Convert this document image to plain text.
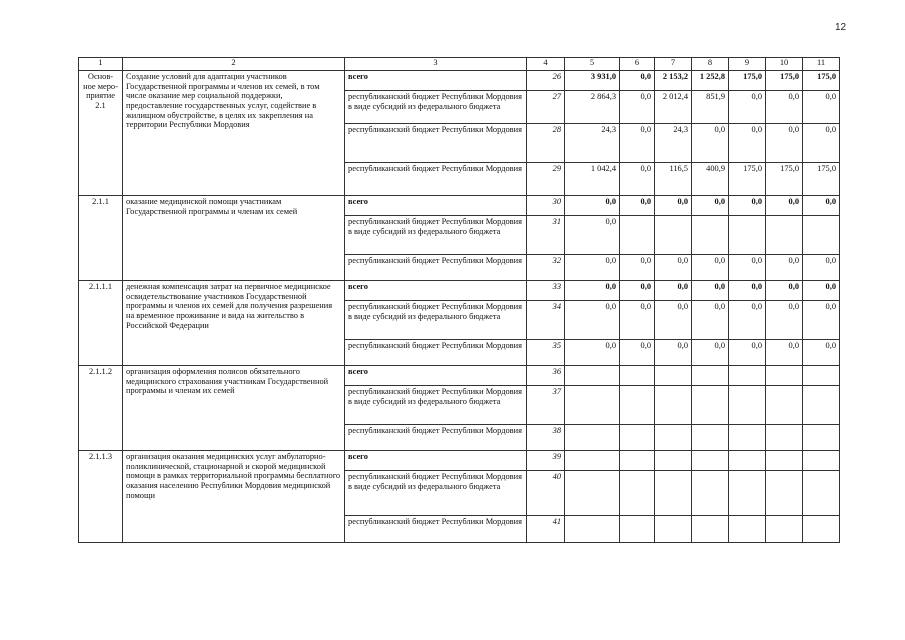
12
1	2	3	4	5	6	7	8	9	10	11
Основ-ное меро-приятие 2.1	Создание условий для адаптации участников Государственной программы и членов их семей, в том числе оказание мер социальной поддержки, предоставление государственных услуг, содействие в жилищном обустройстве, в целях их закрепления на территории Республики Мордовия	всего	26	3 931,0	0,0	2 153,2	1 252,8	175,0	175,0	175,0
		республиканский бюджет Республики Мордовия в виде субсидий из федерального бюджета	27	2 864,3	0,0	2 012,4	851,9	0,0	0,0	0,0
		республиканский бюджет Республики Мордовия	28	24,3	0,0	24,3	0,0	0,0	0,0	0,0
		республиканский бюджет Республики Мордовия	29	1 042,4	0,0	116,5	400,9	175,0	175,0	175,0
2.1.1	оказание медицинской помощи участникам Государственной программы и членам их семей	всего	30	0,0	0,0	0,0	0,0	0,0	0,0	0,0
		республиканский бюджет Республики Мордовия в виде субсидий из федерального бюджета	31	0,0						
		республиканский бюджет Республики Мордовия	32	0,0	0,0	0,0	0,0	0,0	0,0	0,0
2.1.1.1	денежная компенсация затрат на первичное медицинское освидетельствование участников Государственной программы и членов их семей для получения разрешения на временное проживание и вида на жительство в Российской Федерации	всего	33	0,0	0,0	0,0	0,0	0,0	0,0	0,0
		республиканский бюджет Республики Мордовия в виде субсидий из федерального бюджета	34	0,0	0,0	0,0	0,0	0,0	0,0	0,0
		республиканский бюджет Республики Мордовия	35	0,0	0,0	0,0	0,0	0,0	0,0	0,0
2.1.1.2	организация оформления полисов обязательного медицинского страхования участникам Государственной программы и членам их семей	всего	36							
		республиканский бюджет Республики Мордовия в виде субсидий из федерального бюджета	37							
		республиканский бюджет Республики Мордовия	38							
2.1.1.3	организация оказания медицинских услуг амбулаторно-поликлинической, стационарной и скорой медицинской помощи в рамках территориальной программы бесплатного оказания населению Республики Мордовия медицинской помощи	всего	39							
		республиканский бюджет Республики Мордовия в виде субсидий из федерального бюджета	40							
		республиканский бюджет Республики Мордовия	41							
